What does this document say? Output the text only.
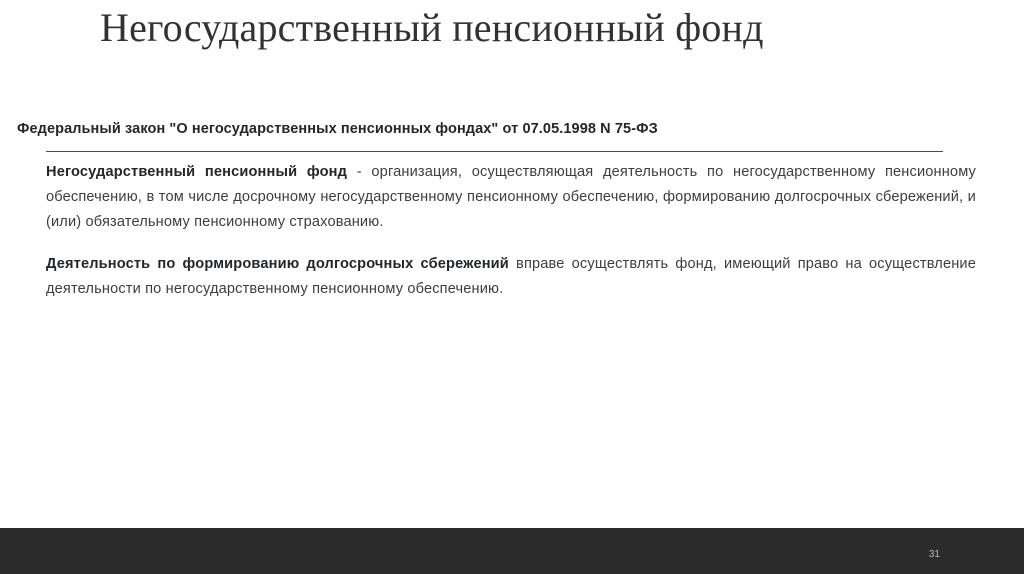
Негосударственный пенсионный фонд
Федеральный закон "О негосударственных пенсионных фондах" от 07.05.1998 N 75-ФЗ

Негосударственный пенсионный фонд - организация, осуществляющая деятельность по негосударственному пенсионному обеспечению, в том числе досрочному негосударственному пенсионному обеспечению, формированию долгосрочных сбережений, и (или) обязательному пенсионному страхованию.

Деятельность по формированию долгосрочных сбережений вправе осуществлять фонд, имеющий право на осуществление деятельности по негосударственному пенсионному обеспечению.

31
